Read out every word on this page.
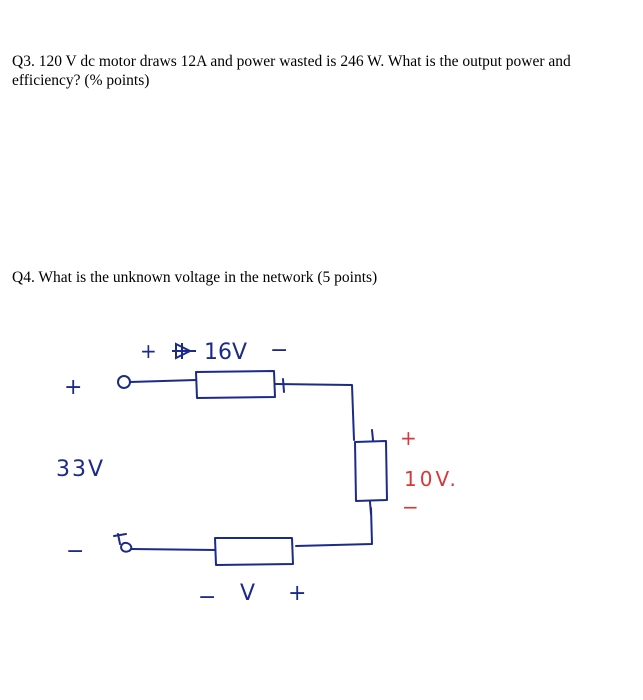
Q3. 120 V dc motor draws 12A and power wasted is 246 W. What is the output power and
efficiency? (% points)

Q4. What is the unknown voltage in the network (5 points)

+
33V
−
+ 16V −
+
10V.
−
− V +
